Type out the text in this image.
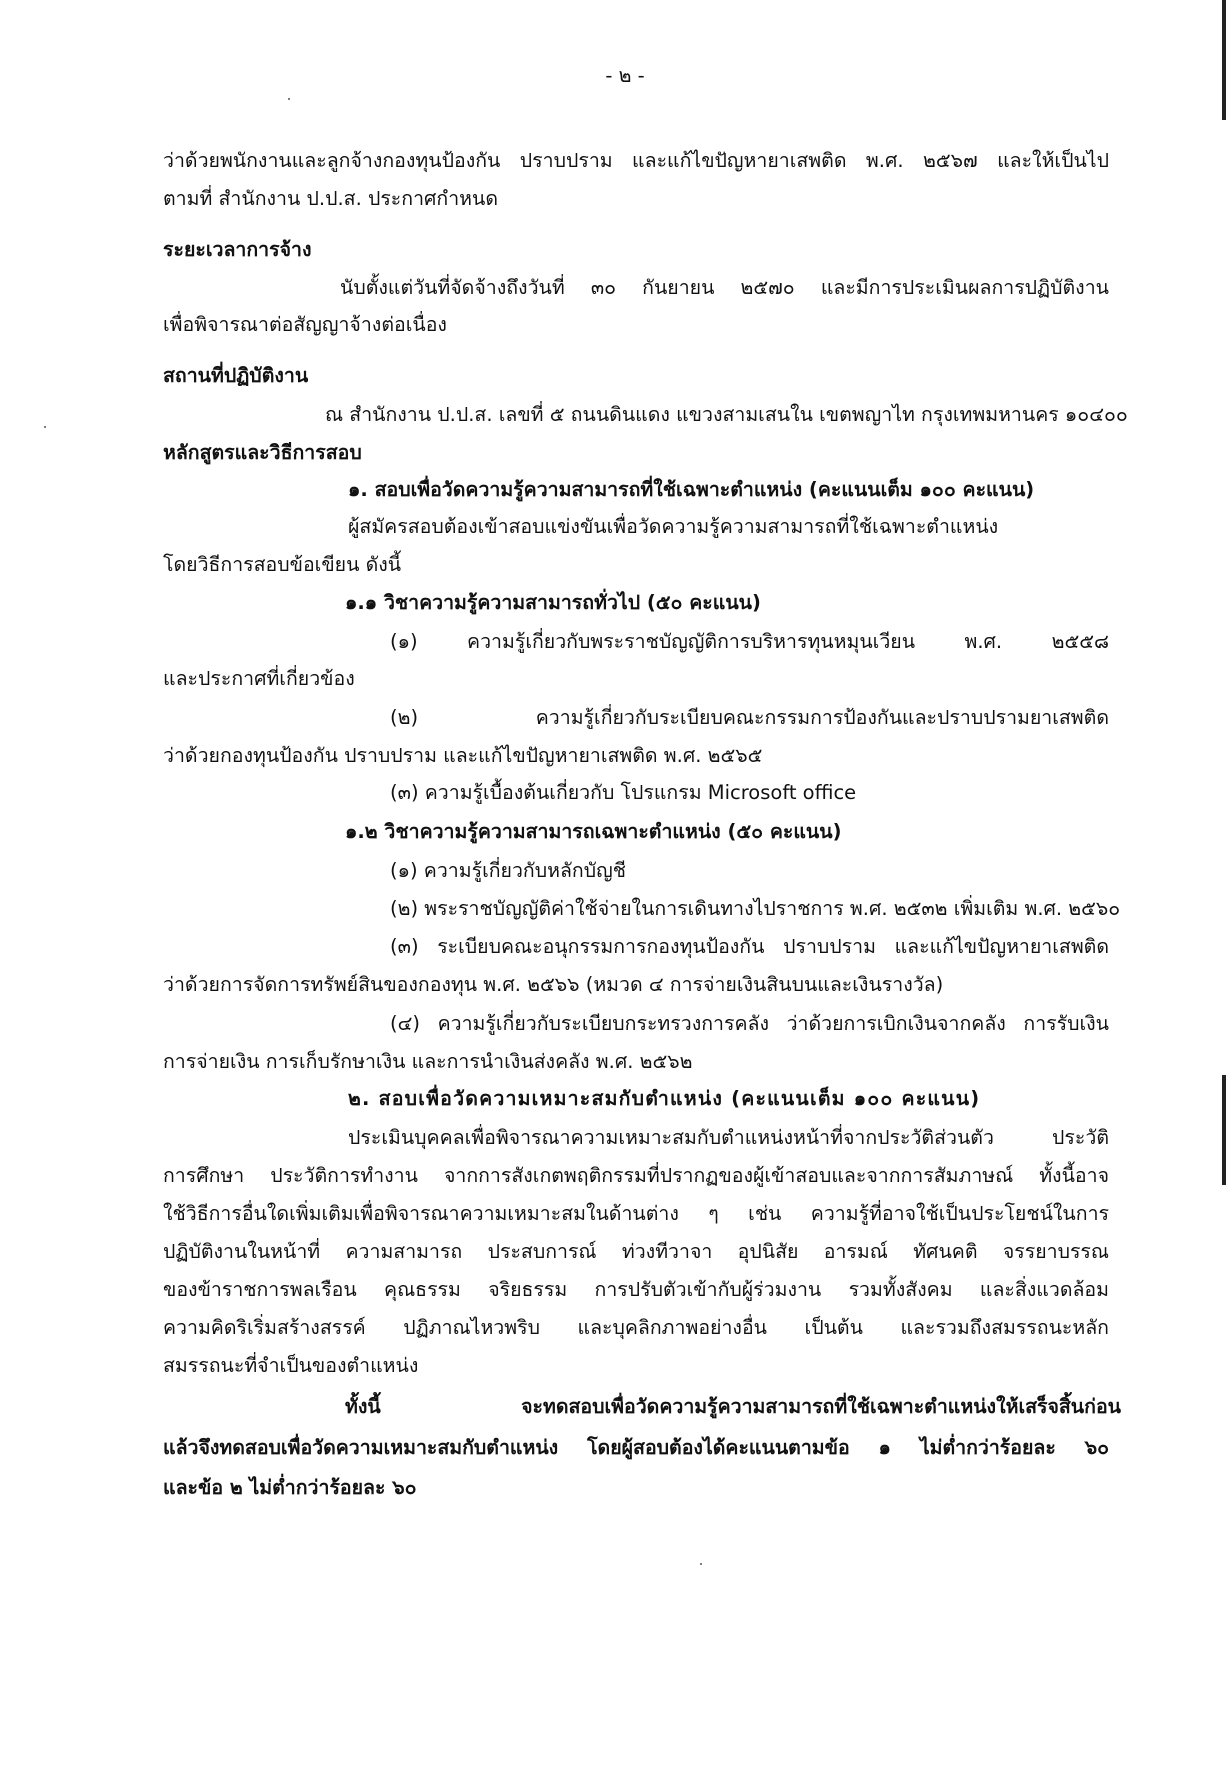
- ๒ -
ว่าด้วยพนักงานและลูกจ้างกองทุนป้องกัน ปราบปราม และแก้ไขปัญหายาเสพติด พ.ศ. ๒๕๖๗ และให้เป็นไป
ตามที่ สำนักงาน ป.ป.ส. ประกาศกำหนด
ระยะเวลาการจ้าง
นับตั้งแต่วันที่จัดจ้างถึงวันที่ ๓๐ กันยายน ๒๕๗๐ และมีการประเมินผลการปฏิบัติงาน
เพื่อพิจารณาต่อสัญญาจ้างต่อเนื่อง
สถานที่ปฏิบัติงาน
ณ สำนักงาน ป.ป.ส. เลขที่ ๕ ถนนดินแดง แขวงสามเสนใน เขตพญาไท กรุงเทพมหานคร ๑๐๔๐๐
หลักสูตรและวิธีการสอบ
๑. สอบเพื่อวัดความรู้ความสามารถที่ใช้เฉพาะตำแหน่ง (คะแนนเต็ม ๑๐๐ คะแนน)
ผู้สมัครสอบต้องเข้าสอบแข่งขันเพื่อวัดความรู้ความสามารถที่ใช้เฉพาะตำแหน่ง
โดยวิธีการสอบข้อเขียน ดังนี้
๑.๑ วิชาความรู้ความสามารถทั่วไป (๕๐ คะแนน)
(๑) ความรู้เกี่ยวกับพระราชบัญญัติการบริหารทุนหมุนเวียน พ.ศ. ๒๕๕๘
และประกาศที่เกี่ยวข้อง
(๒) ความรู้เกี่ยวกับระเบียบคณะกรรมการป้องกันและปราบปรามยาเสพติด
ว่าด้วยกองทุนป้องกัน ปราบปราม และแก้ไขปัญหายาเสพติด พ.ศ. ๒๕๖๕
(๓) ความรู้เบื้องต้นเกี่ยวกับ โปรแกรม Microsoft office
๑.๒ วิชาความรู้ความสามารถเฉพาะตำแหน่ง (๕๐ คะแนน)
(๑) ความรู้เกี่ยวกับหลักบัญชี
(๒) พระราชบัญญัติค่าใช้จ่ายในการเดินทางไปราชการ พ.ศ. ๒๕๓๒ เพิ่มเติม พ.ศ. ๒๕๖๐
(๓) ระเบียบคณะอนุกรรมการกองทุนป้องกัน ปราบปราม และแก้ไขปัญหายาเสพติด
ว่าด้วยการจัดการทรัพย์สินของกองทุน พ.ศ. ๒๕๖๖ (หมวด ๔ การจ่ายเงินสินบนและเงินรางวัล)
(๔) ความรู้เกี่ยวกับระเบียบกระทรวงการคลัง ว่าด้วยการเบิกเงินจากคลัง การรับเงิน
การจ่ายเงิน การเก็บรักษาเงิน และการนำเงินส่งคลัง พ.ศ. ๒๕๖๒
๒. สอบเพื่อวัดความเหมาะสมกับตำแหน่ง (คะแนนเต็ม ๑๐๐ คะแนน)
ประเมินบุคคลเพื่อพิจารณาความเหมาะสมกับตำแหน่งหน้าที่จากประวัติส่วนตัว ประวัติ
การศึกษา ประวัติการทำงาน จากการสังเกตพฤติกรรมที่ปรากฏของผู้เข้าสอบและจากการสัมภาษณ์ ทั้งนี้อาจ
ใช้วิธีการอื่นใดเพิ่มเติมเพื่อพิจารณาความเหมาะสมในด้านต่าง ๆ เช่น ความรู้ที่อาจใช้เป็นประโยชน์ในการ
ปฏิบัติงานในหน้าที่ ความสามารถ ประสบการณ์ ท่วงทีวาจา อุปนิสัย อารมณ์ ทัศนคติ จรรยาบรรณ
ของข้าราชการพลเรือน คุณธรรม จริยธรรม การปรับตัวเข้ากับผู้ร่วมงาน รวมทั้งสังคม และสิ่งแวดล้อม
ความคิดริเริ่มสร้างสรรค์ ปฏิภาณไหวพริบ และบุคลิกภาพอย่างอื่น เป็นต้น และรวมถึงสมรรถนะหลัก
สมรรถนะที่จำเป็นของตำแหน่ง
ทั้งนี้ จะทดสอบเพื่อวัดความรู้ความสามารถที่ใช้เฉพาะตำแหน่งให้เสร็จสิ้นก่อน
แล้วจึงทดสอบเพื่อวัดความเหมาะสมกับตำแหน่ง โดยผู้สอบต้องได้คะแนนตามข้อ ๑ ไม่ต่ำกว่าร้อยละ ๖๐
และข้อ ๒ ไม่ต่ำกว่าร้อยละ ๖๐
